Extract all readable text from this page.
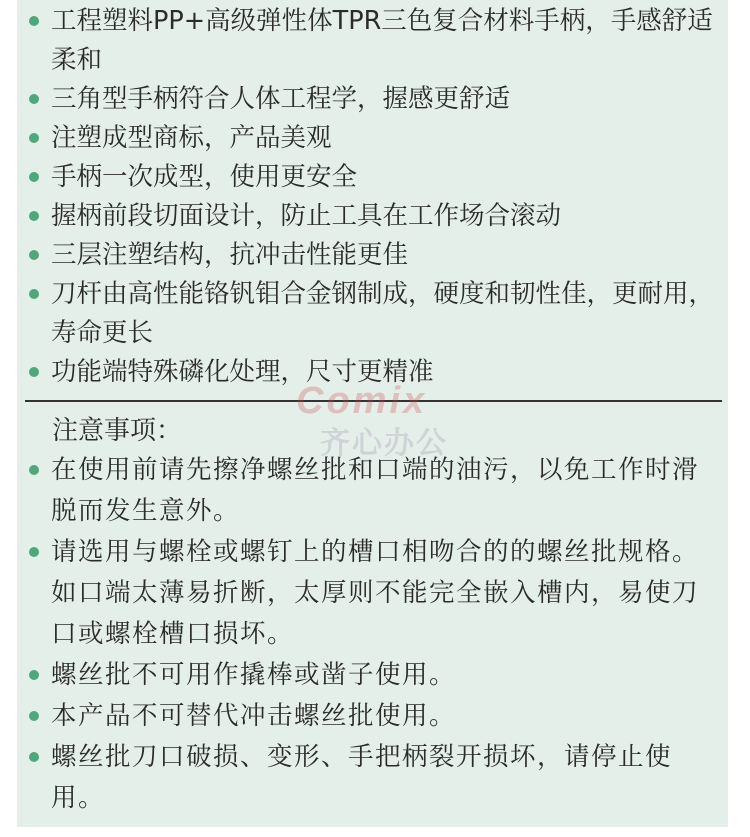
工程塑料PP+高级弹性体TPR三色复合材料手柄，手感舒适柔和
三角型手柄符合人体工程学，握感更舒适
注塑成型商标，产品美观
手柄一次成型，使用更安全
握柄前段切面设计，防止工具在工作场合滚动
三层注塑结构，抗冲击性能更佳
刀杆由高性能铬钒钼合金钢制成，硬度和韧性佳，更耐用，寿命更长
功能端特殊磷化处理，尺寸更精准
Comix
齐心办公
注意事项：
在使用前请先擦净螺丝批和口端的油污，以免工作时滑脱而发生意外。
请选用与螺栓或螺钉上的槽口相吻合的的螺丝批规格。如口端太薄易折断，太厚则不能完全嵌入槽内，易使刀口或螺栓槽口损坏。
螺丝批不可用作撬棒或凿子使用。
本产品不可替代冲击螺丝批使用。
螺丝批刀口破损、变形、手把柄裂开损坏，请停止使用。
